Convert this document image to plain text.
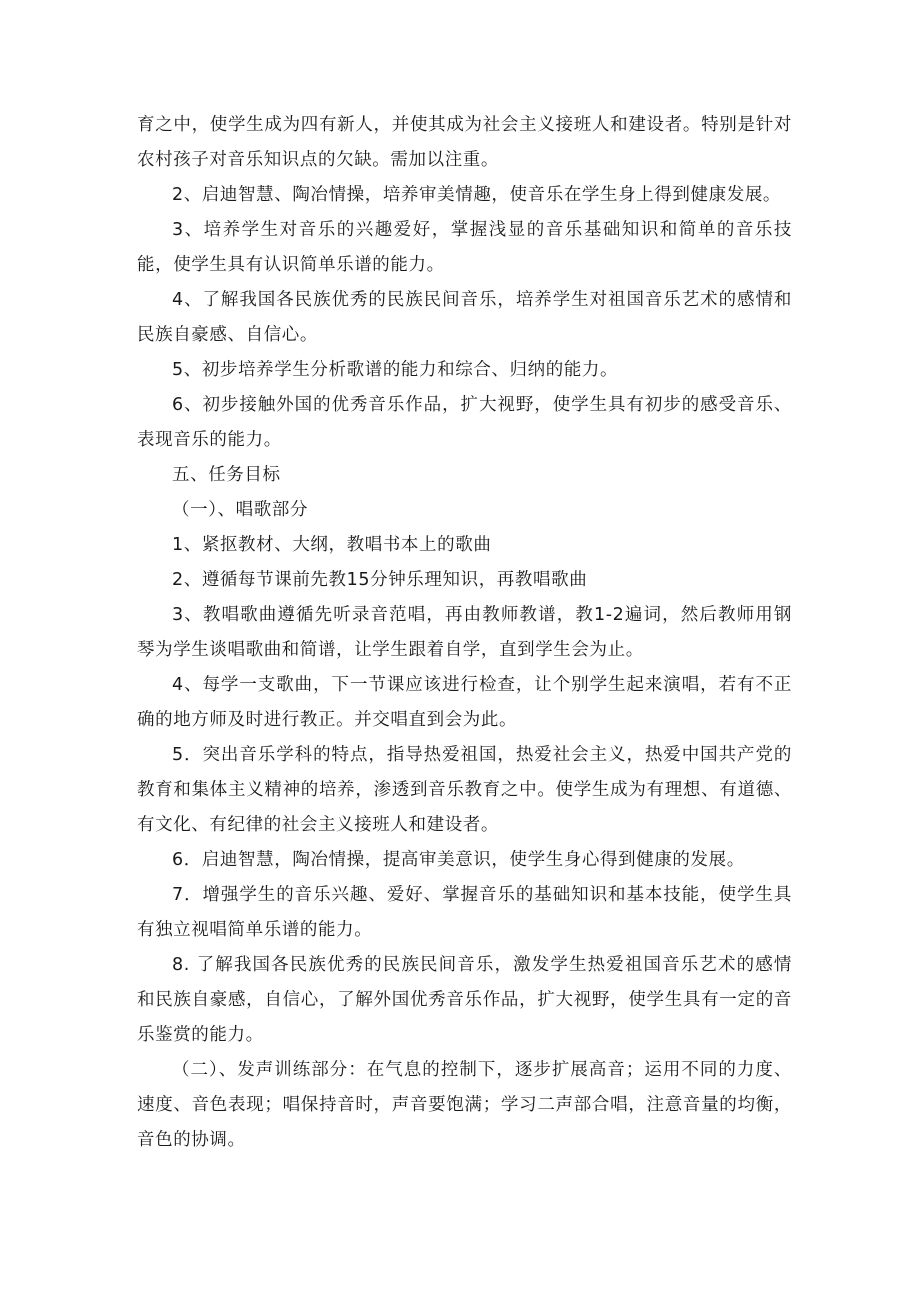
育之中，使学生成为四有新人，并使其成为社会主义接班人和建设者。特别是针对农村孩子对音乐知识点的欠缺。需加以注重。

2、启迪智慧、陶冶情操，培养审美情趣，使音乐在学生身上得到健康发展。

3、培养学生对音乐的兴趣爱好，掌握浅显的音乐基础知识和简单的音乐技能，使学生具有认识简单乐谱的能力。

4、了解我国各民族优秀的民族民间音乐，培养学生对祖国音乐艺术的感情和民族自豪感、自信心。

5、初步培养学生分析歌谱的能力和综合、归纳的能力。

6、初步接触外国的优秀音乐作品，扩大视野，使学生具有初步的感受音乐、表现音乐的能力。

五、任务目标

（一）、唱歌部分

1、紧抠教材、大纲，教唱书本上的歌曲

2、遵循每节课前先教15分钟乐理知识，再教唱歌曲

3、教唱歌曲遵循先听录音范唱，再由教师教谱，教1-2遍词，然后教师用钢琴为学生谈唱歌曲和简谱，让学生跟着自学，直到学生会为止。

4、每学一支歌曲，下一节课应该进行检查，让个别学生起来演唱，若有不正确的地方师及时进行教正。并交唱直到会为此。

5．突出音乐学科的特点，指导热爱祖国，热爱社会主义，热爱中国共产党的教育和集体主义精神的培养，渗透到音乐教育之中。使学生成为有理想、有道德、有文化、有纪律的社会主义接班人和建设者。

6．启迪智慧，陶冶情操，提高审美意识，使学生身心得到健康的发展。

7．增强学生的音乐兴趣、爱好、掌握音乐的基础知识和基本技能，使学生具有独立视唱简单乐谱的能力。

8. 了解我国各民族优秀的民族民间音乐，激发学生热爱祖国音乐艺术的感情和民族自豪感，自信心，了解外国优秀音乐作品，扩大视野，使学生具有一定的音乐鉴赏的能力。

（二）、发声训练部分：在气息的控制下，逐步扩展高音；运用不同的力度、速度、音色表现；唱保持音时，声音要饱满；学习二声部合唱，注意音量的均衡，音色的协调。
